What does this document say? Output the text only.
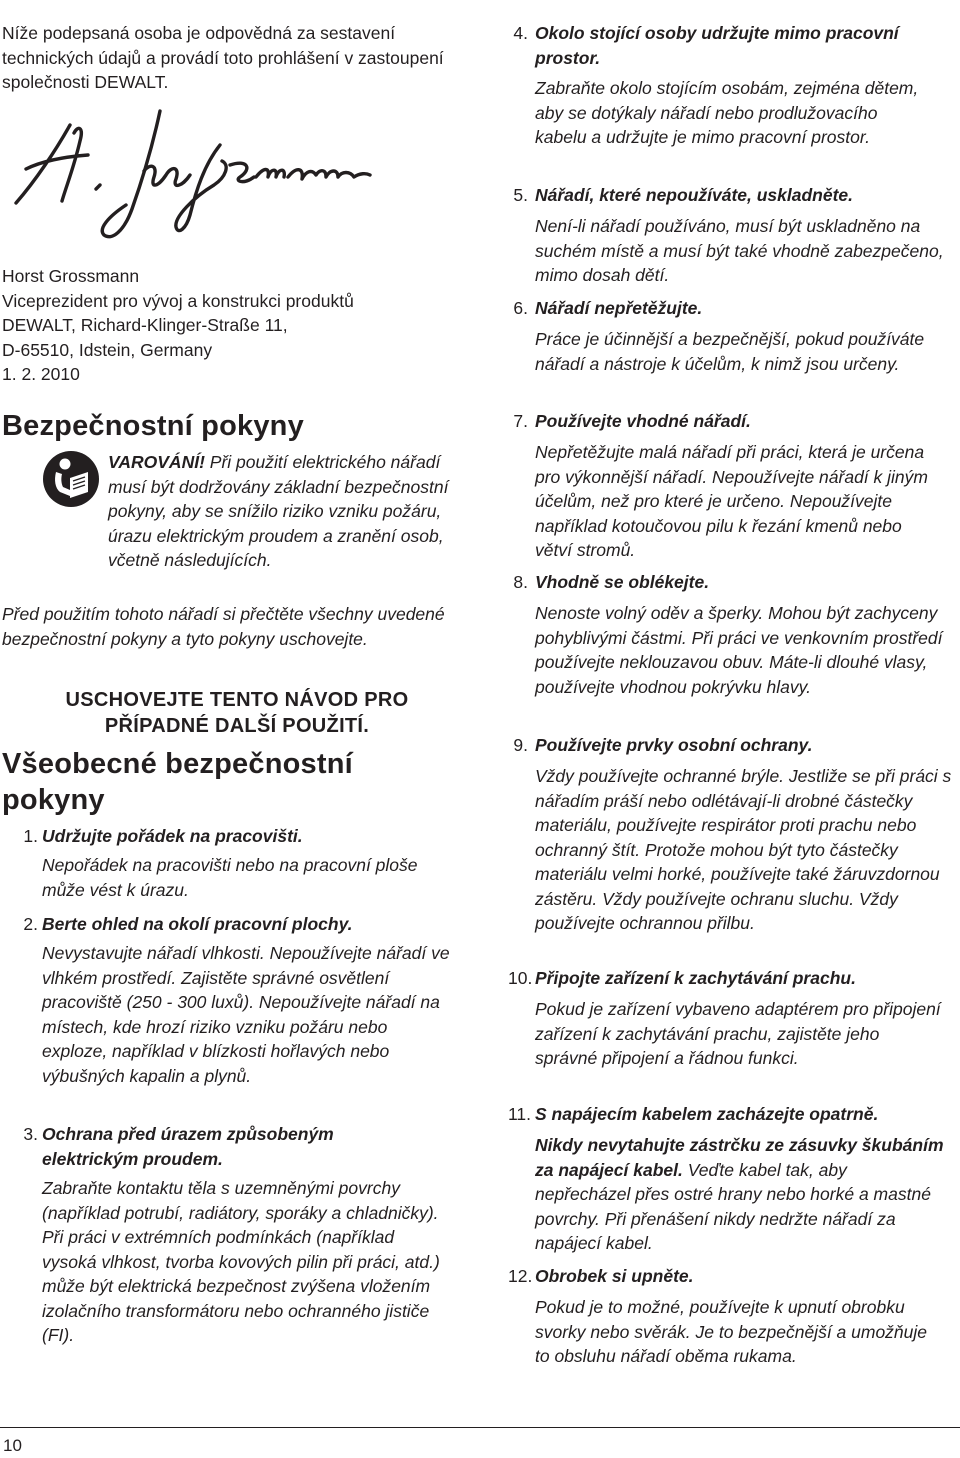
Níže podepsaná osoba je odpovědná za sestavení technických údajů a provádí toto prohlášení v zastoupení společnosti DEWALT.

Horst Grossmann

Viceprezident pro vývoj a konstrukci produktů

DEWALT, Richard-Klinger-Straße 11,

D-65510, Idstein, Germany

1. 2. 2010

Bezpečnostní pokyny

VAROVÁNÍ! Při použití elektrického nářadí musí být dodržovány základní bezpečnostní pokyny, aby se snížilo riziko vzniku požáru, úrazu elektrickým proudem a zranění osob, včetně následujících.

Před použitím tohoto nářadí si přečtěte všechny uvedené bezpečnostní pokyny a tyto pokyny uschovejte.

USCHOVEJTE TENTO NÁVOD PRO
PŘÍPADNÉ DALŠÍ POUŽITÍ.
Všeobecné bezpečnostní pokyny
1. Udržujte pořádek na pracovišti.

Nepořádek na pracovišti nebo na pracovní ploše může vést k úrazu.

2. Berte ohled na okolí pracovní plochy.

Nevystavujte nářadí vlhkosti. Nepoužívejte nářadí ve vlhkém prostředí. Zajistěte správné osvětlení pracoviště (250 - 300 luxů). Nepoužívejte nářadí na místech, kde hrozí riziko vzniku požáru nebo exploze, například v blízkosti hořlavých nebo výbušných kapalin a plynů.

3. Ochrana před úrazem způsobeným elektrickým proudem.

Zabraňte kontaktu těla s uzemněnými povrchy (například potrubí, radiátory, sporáky a chladničky). Při práci v extrémních podmínkách (například vysoká vlhkost, tvorba kovových pilin při práci, atd.) může být elektrická bezpečnost zvýšena vložením izolačního transformátoru nebo ochranného jističe (FI).

4. Okolo stojící osoby udržujte mimo pracovní prostor.

Zabraňte okolo stojícím osobám, zejména dětem, aby se dotýkaly nářadí nebo prodlužovacího kabelu a udržujte je mimo pracovní prostor.

5. Nářadí, které nepoužíváte, uskladněte.

Není-li nářadí používáno, musí být uskladněno na suchém místě a musí být také vhodně zabezpečeno, mimo dosah dětí.

6. Nářadí nepřetěžujte.

Práce je účinnější a bezpečnější, pokud používáte nářadí a nástroje k účelům, k nimž jsou určeny.

7. Používejte vhodné nářadí.

Nepřetěžujte malá nářadí při práci, která je určena pro výkonnější nářadí. Nepoužívejte nářadí k jiným účelům, než pro které je určeno. Nepoužívejte například kotoučovou pilu k řezání kmenů nebo větví stromů.

8. Vhodně se oblékejte.

Nenoste volný oděv a šperky. Mohou být zachyceny pohyblivými částmi. Při práci ve venkovním prostředí používejte neklouzavou obuv. Máte-li dlouhé vlasy, používejte vhodnou pokrývku hlavy.

9. Používejte prvky osobní ochrany.

Vždy používejte ochranné brýle. Jestliže se při práci s nářadím práší nebo odlétávají-li drobné částečky materiálu, používejte respirátor proti prachu nebo ochranný štít. Protože mohou být tyto částečky materiálu velmi horké, používejte také žáruvzdornou zástěru. Vždy používejte ochranu sluchu. Vždy používejte ochrannou přilbu.

10. Připojte zařízení k zachytávání prachu.

Pokud je zařízení vybaveno adaptérem pro připojení zařízení k zachytávání prachu, zajistěte jeho správné připojení a řádnou funkci.

11. S napájecím kabelem zacházejte opatrně.

Nikdy nevytahujte zástrčku ze zásuvky škubáním za napájecí kabel. Veďte kabel tak, aby nepřecházel přes ostré hrany nebo horké a mastné povrchy. Při přenášení nikdy nedržte nářadí za napájecí kabel.

12. Obrobek si upněte.

Pokud je to možné, používejte k upnutí obrobku svorky nebo svěrák. Je to bezpečnější a umožňuje to obsluhu nářadí oběma rukama.

10
